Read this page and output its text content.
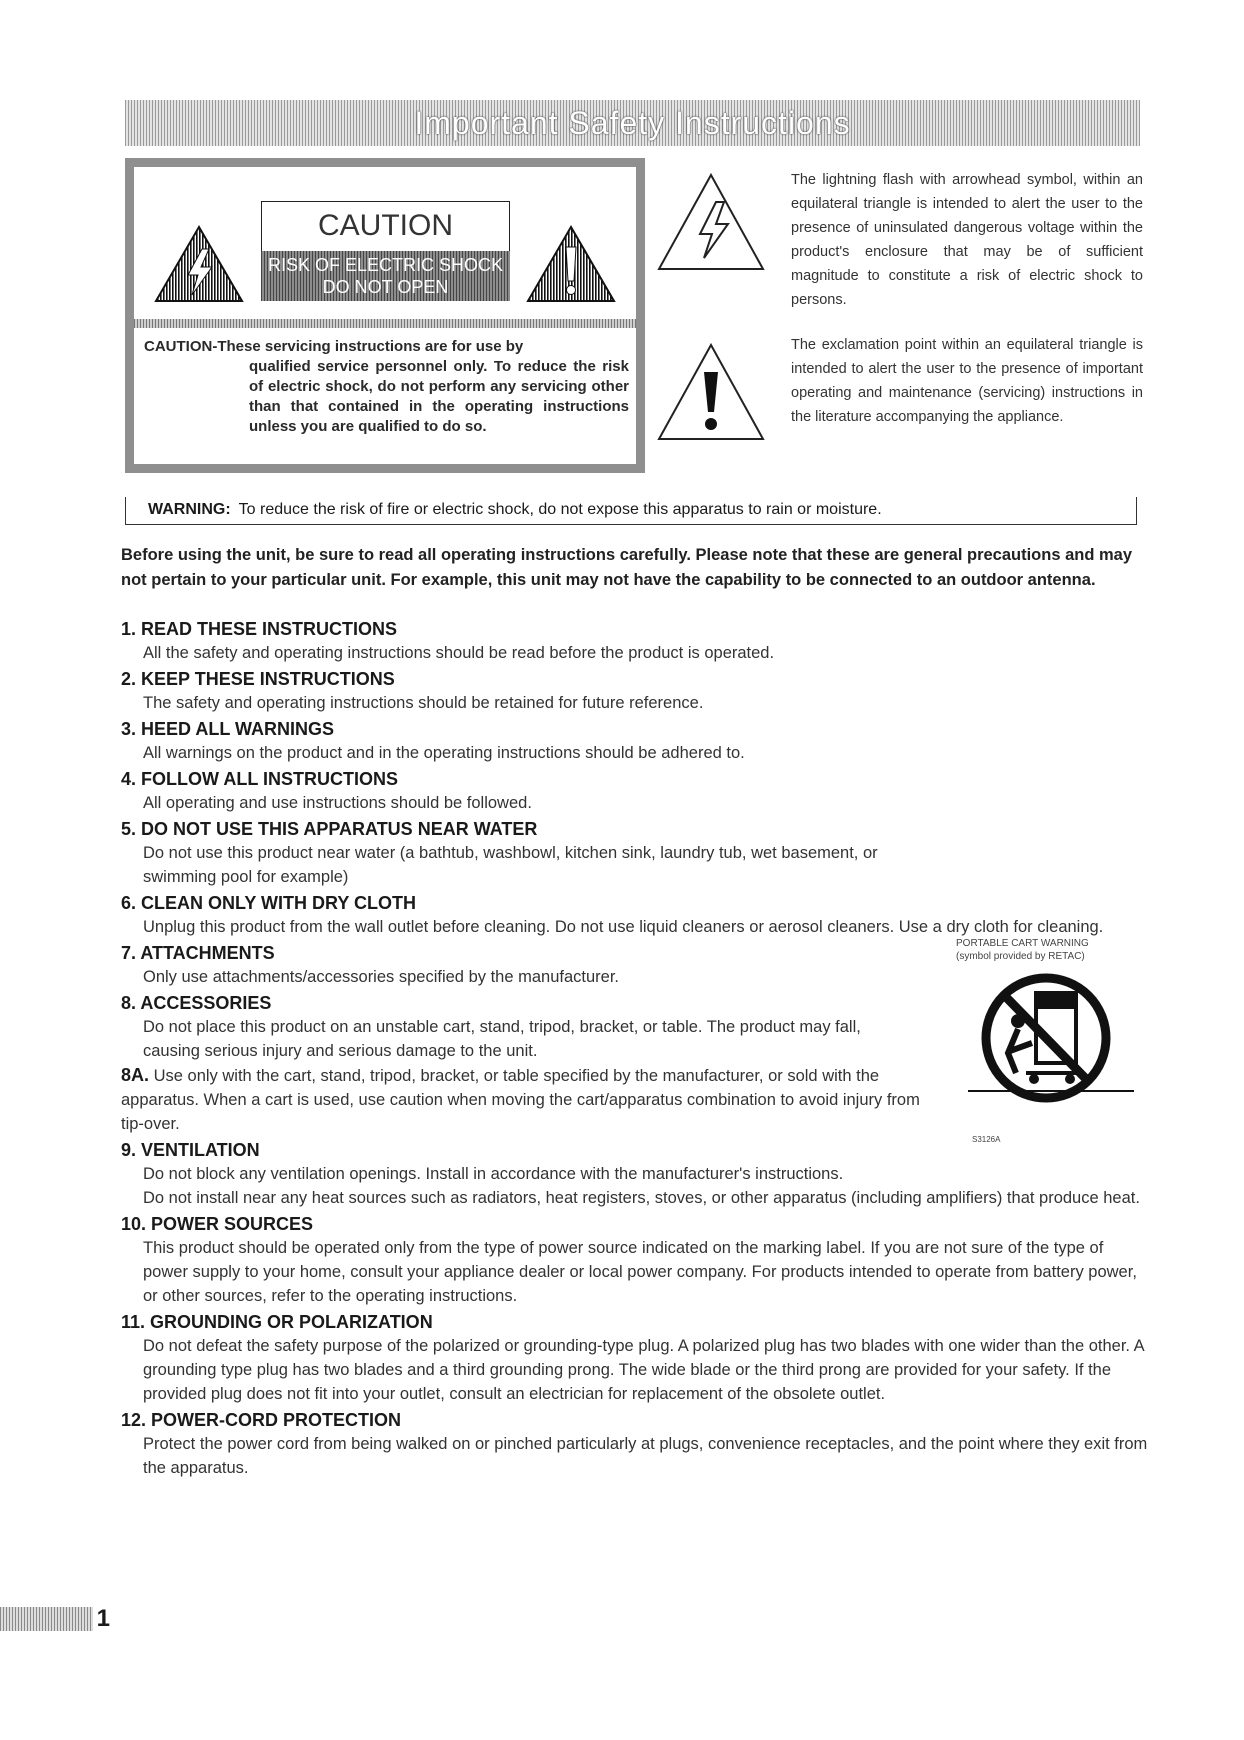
Important Safety Instructions
CAUTION
RISK OF ELECTRIC SHOCK
DO NOT OPEN
CAUTION-These servicing instructions are for use by
qualified service personnel only. To reduce the risk of electric shock, do not perform any servicing other than that contained in the operating instructions unless you are qualified to do so.
The lightning flash with arrowhead symbol, within an equilateral triangle is intended to alert the user to the presence of uninsulated dangerous voltage within the product's enclosure that may be of sufficient magnitude to constitute a risk of electric shock to persons.
The exclamation point within an equilateral triangle is intended to alert the user to the presence of important operating and maintenance (servicing) instructions in the literature accompanying the appliance.
WARNING: To reduce the risk of fire or electric shock, do not expose this apparatus to rain or moisture.
Before using the unit, be sure to read all operating instructions carefully. Please note that these are general precautions and may not pertain to your particular unit. For example, this unit may not have the capability to be connected to an outdoor antenna.
1. READ THESE INSTRUCTIONS
All the safety and operating instructions should be read before the product is operated.
2. KEEP THESE INSTRUCTIONS
The safety and operating instructions should be retained for future reference.
3. HEED ALL WARNINGS
All warnings on the product and in the operating instructions should be adhered to.
4. FOLLOW ALL INSTRUCTIONS
All operating and use instructions should be followed.
5. DO NOT USE THIS APPARATUS NEAR WATER
Do not use this product near water (a bathtub, washbowl, kitchen sink, laundry tub, wet basement, or swimming pool for example)
6. CLEAN ONLY WITH DRY CLOTH
Unplug this product from the wall outlet before cleaning. Do not use liquid cleaners or aerosol cleaners. Use a dry cloth for cleaning.
7. ATTACHMENTS
Only use attachments/accessories specified by the manufacturer.
8. ACCESSORIES
Do not place this product on an unstable cart, stand, tripod, bracket, or table. The product may fall, causing serious injury and serious damage to the unit.
8A. Use only with the cart, stand, tripod, bracket, or table specified by the manufacturer, or sold with the apparatus. When a cart is used, use caution when moving the cart/apparatus combination to avoid injury from tip-over.
9. VENTILATION
Do not block any ventilation openings. Install in accordance with the manufacturer's instructions.
Do not install near any heat sources such as radiators, heat registers, stoves, or other apparatus (including amplifiers) that produce heat.
10. POWER SOURCES
This product should be operated only from the type of power source indicated on the marking label. If you are not sure of the type of power supply to your home, consult your appliance dealer or local power company. For products intended to operate from battery power, or other sources, refer to the operating instructions.
11. GROUNDING OR POLARIZATION
Do not defeat the safety purpose of the polarized or grounding-type plug. A polarized plug has two blades with one wider than the other. A grounding type plug has two blades and a third grounding prong. The wide blade or the third prong are provided for your safety. If the provided plug does not fit into your outlet, consult an electrician for replacement of the obsolete outlet.
12. POWER-CORD PROTECTION
Protect the power cord from being walked on or pinched particularly at plugs, convenience receptacles, and the point where they exit from the apparatus.
PORTABLE CART WARNING
(symbol provided by RETAC)
S3126A
1
